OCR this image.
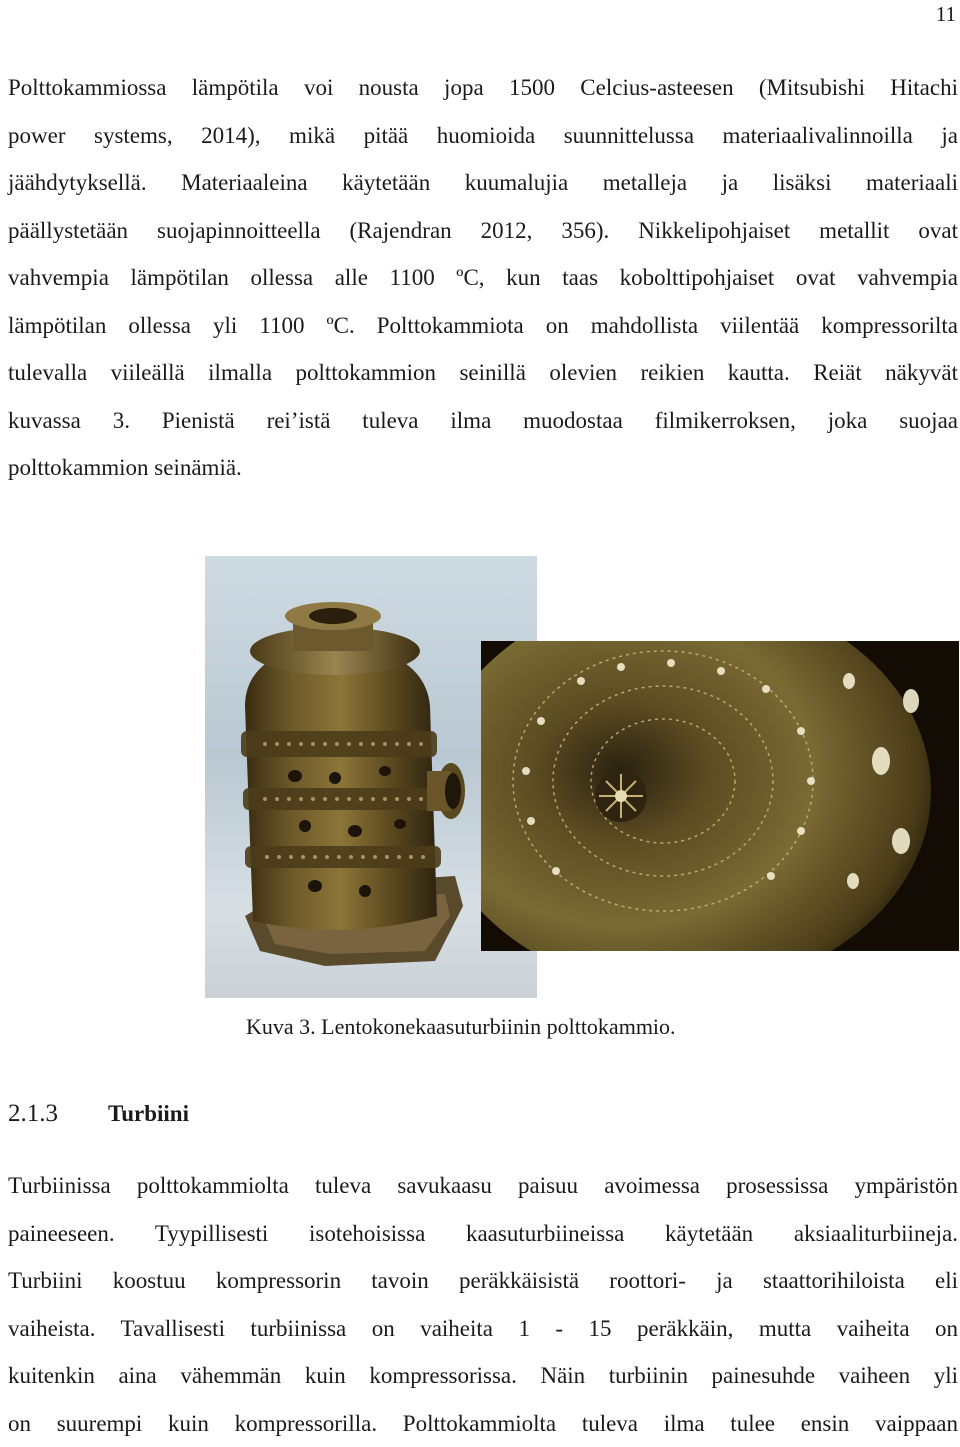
11
Polttokammiossa lämpötila voi nousta jopa 1500 Celcius-asteesen (Mitsubishi Hitachi
power systems, 2014), mikä pitää huomioida suunnittelussa materiaalivalinnoilla ja
jäähdytyksellä. Materiaaleina käytetään kuumalujia metalleja ja lisäksi materiaali
päällystetään suojapinnoitteella (Rajendran 2012, 356). Nikkelipohjaiset metallit ovat
vahvempia lämpötilan ollessa alle 1100 ºC, kun taas kobolttipohjaiset ovat vahvempia
lämpötilan ollessa yli 1100 ºC. Polttokammiota on mahdollista viilentää kompressorilta
tulevalla viileällä ilmalla polttokammion seinillä olevien reikien kautta. Reiät näkyvät
kuvassa 3. Pienistä rei’istä tuleva ilma muodostaa filmikerroksen, joka suojaa
polttokammion seinämiä.
Kuva 3. Lentokonekaasuturbiinin polttokammio.
2.1.3 Turbiini
Turbiinissa polttokammiolta tuleva savukaasu paisuu avoimessa prosessissa ympäristön
paineeseen. Tyypillisesti isotehoisissa kaasuturbiineissa käytetään aksiaaliturbiineja.
Turbiini koostuu kompressorin tavoin peräkkäisistä roottori- ja staattorihiloista eli
vaiheista. Tavallisesti turbiinissa on vaiheita 1 - 15 peräkkäin, mutta vaiheita on
kuitenkin aina vähemmän kuin kompressorissa. Näin turbiinin painesuhde vaiheen yli
on suurempi kuin kompressorilla. Polttokammiolta tuleva ilma tulee ensin vaippaan
